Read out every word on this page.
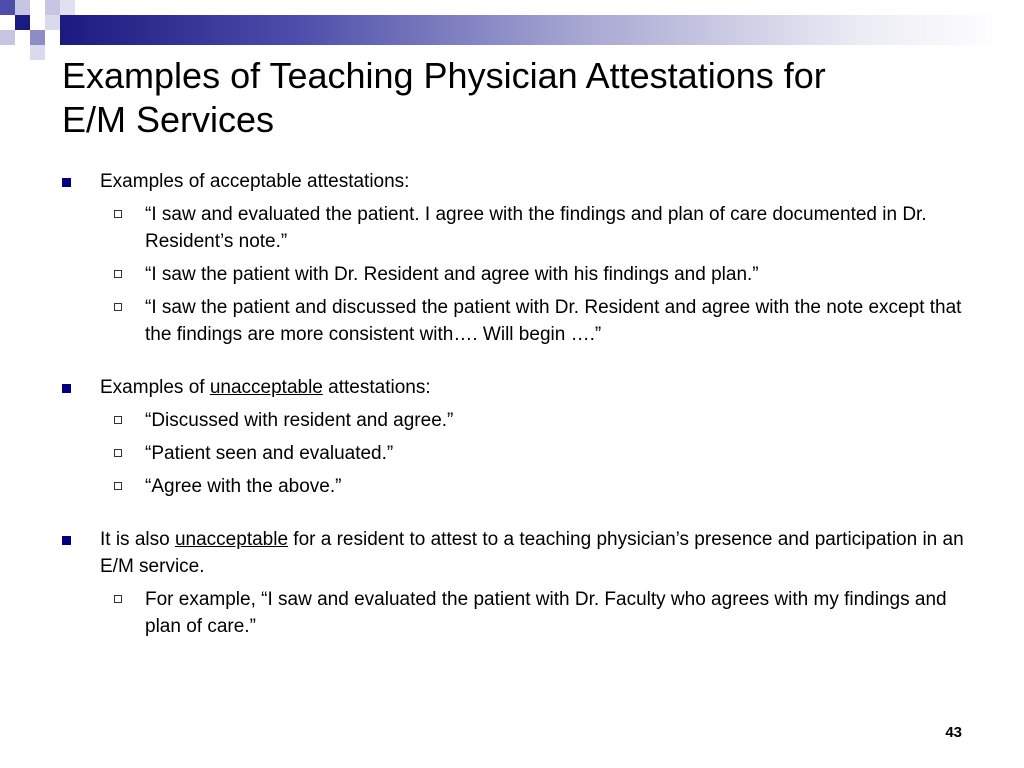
Examples of Teaching Physician Attestations for
E/M Services
Examples of acceptable attestations:
“I saw and evaluated the patient. I agree with the findings and plan of care documented in Dr. Resident’s note.”
“I saw the patient with Dr. Resident and agree with his findings and plan.”
“I saw the patient and discussed the patient with Dr. Resident and agree with the note except that the findings are more consistent with…. Will begin ….”
Examples of unacceptable attestations:
“Discussed with resident and agree.”
“Patient seen and evaluated.”
“Agree with the above.”
It is also unacceptable for a resident to attest to a teaching physician’s presence and participation in an E/M service.
For example, “I saw and evaluated the patient with Dr. Faculty who agrees with my findings and plan of care.”
43
